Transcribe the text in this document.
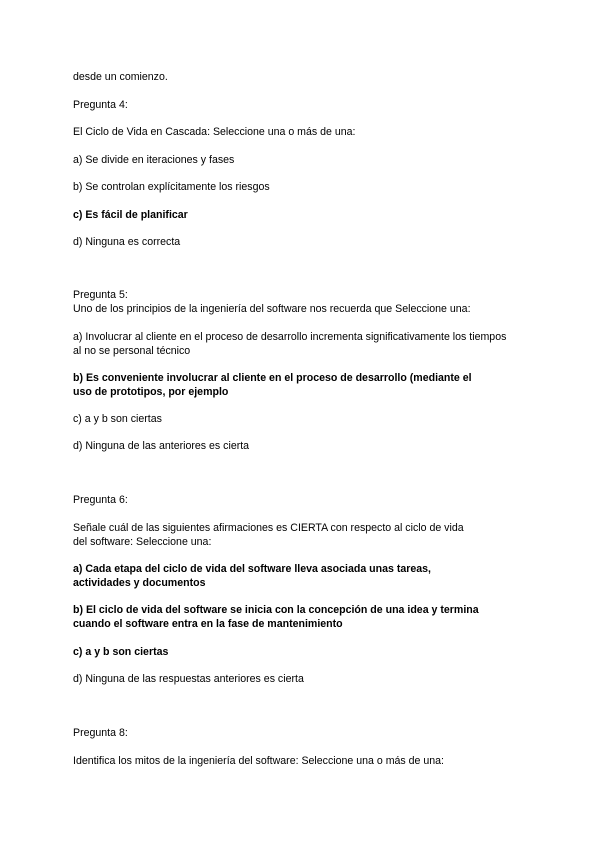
desde un comienzo.
Pregunta 4:
El Ciclo de Vida en Cascada: Seleccione una o más de una:
a) Se divide en iteraciones y fases
b) Se controlan explícitamente los riesgos
c) Es fácil de planificar
d) Ninguna es correcta
Pregunta 5:
Uno de los principios de la ingeniería del software nos recuerda que Seleccione una:
a) Involucrar al cliente en el proceso de desarrollo incrementa significativamente los tiempos
al no se personal técnico
b) Es conveniente involucrar al cliente en el proceso de desarrollo (mediante el
uso de prototipos, por ejemplo
c) a y b son ciertas
d) Ninguna de las anteriores es cierta
Pregunta 6:
Señale cuál de las siguientes afirmaciones es CIERTA con respecto al ciclo de vida
del software: Seleccione una:
a) Cada etapa del ciclo de vida del software lleva asociada unas tareas,
actividades y documentos
b) El ciclo de vida del software se inicia con la concepción de una idea y termina
cuando el software entra en la fase de mantenimiento
c) a y b son ciertas
d) Ninguna de las respuestas anteriores es cierta
Pregunta 8:
Identifica los mitos de la ingeniería del software: Seleccione una o más de una:
